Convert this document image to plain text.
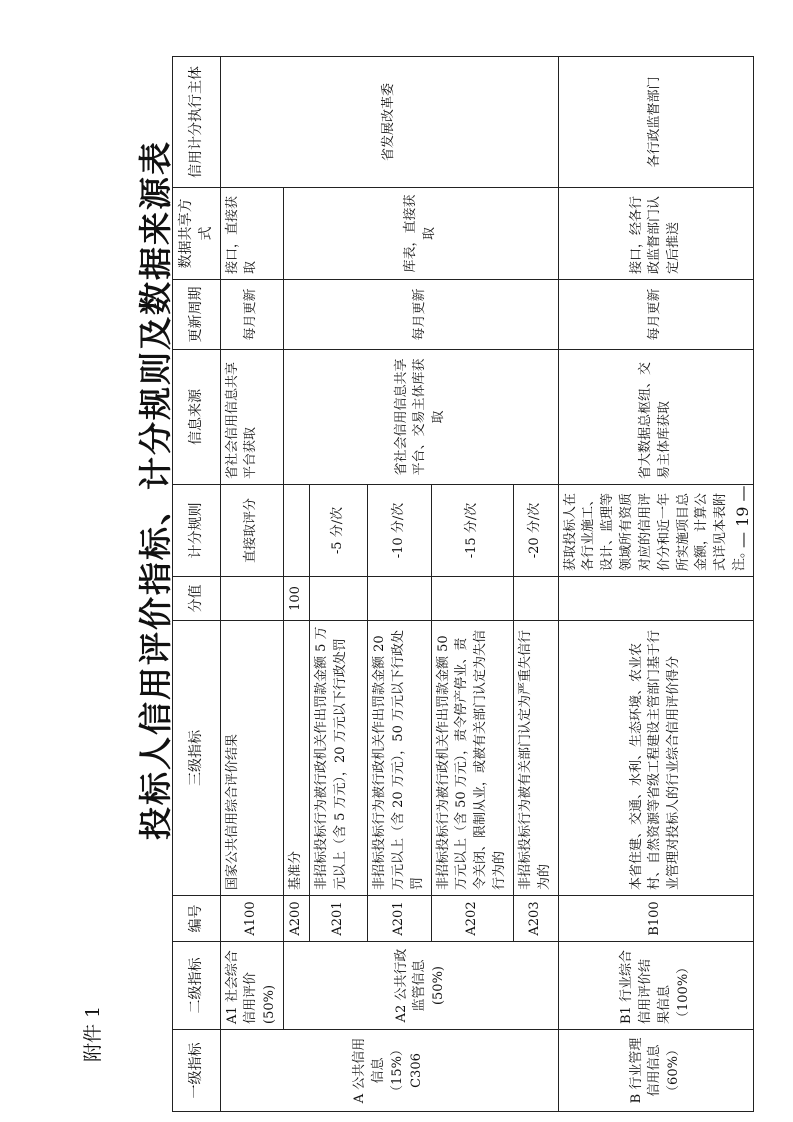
附件 1
投标人信用评价指标、计分规则及数据来源表	— 19 —
一级指标	二级指标	编号	三级指标	分值	计分规则	信息来源	更新周期	数据共享方式	信用计分执行主体
A 公共信用信息（15%）C306	A1 社会综合信用评价(50%)	A100	国家公共信用综合评价结果		直接取评分	省社会信用信息共享平台获取	每月更新	接口，直接获取	省发展改革委
	A2 公共行政监管信息(50%)	A200	基准分	100		省社会信用信息共享平台、交易主体库获取	每月更新	库表，直接获取	
		A201	非招标投标行为被行政机关作出罚款金额 5 万元以上（含 5 万元），20 万元以下行政处罚		-5 分/次				
		A201	非招标投标行为被行政机关作出罚款金额 20 万元以上（含 20 万元），50 万元以下行政处罚		-10 分/次				
		A202	非招标投标行为被行政机关作出罚款金额 50 万元以上（含 50 万元），责令停产停业、责令关闭、限制从业，或被有关部门认定为失信行为的		-15 分/次				
		A203	非招标投标行为被有关部门认定为严重失信行为的		-20 分/次				
B 行业管理信用信息（60%）	B1 行业综合信用评价结果信息（100%）	B100	本省住建、交通、水利、生态环境、农业农村、自然资源等省级工程建设主管部门基于行业管理对投标人的行业综合信用评价得分		获取投标人在各行业施工、设计、监理等领域所有资质对应的信用评价分和近一年所实施项目总金额，计算公式详见本表附注。	省大数据总枢纽、交易主体库获取	每月更新	接口，经各行政监督部门认定后推送	各行政监督部门
